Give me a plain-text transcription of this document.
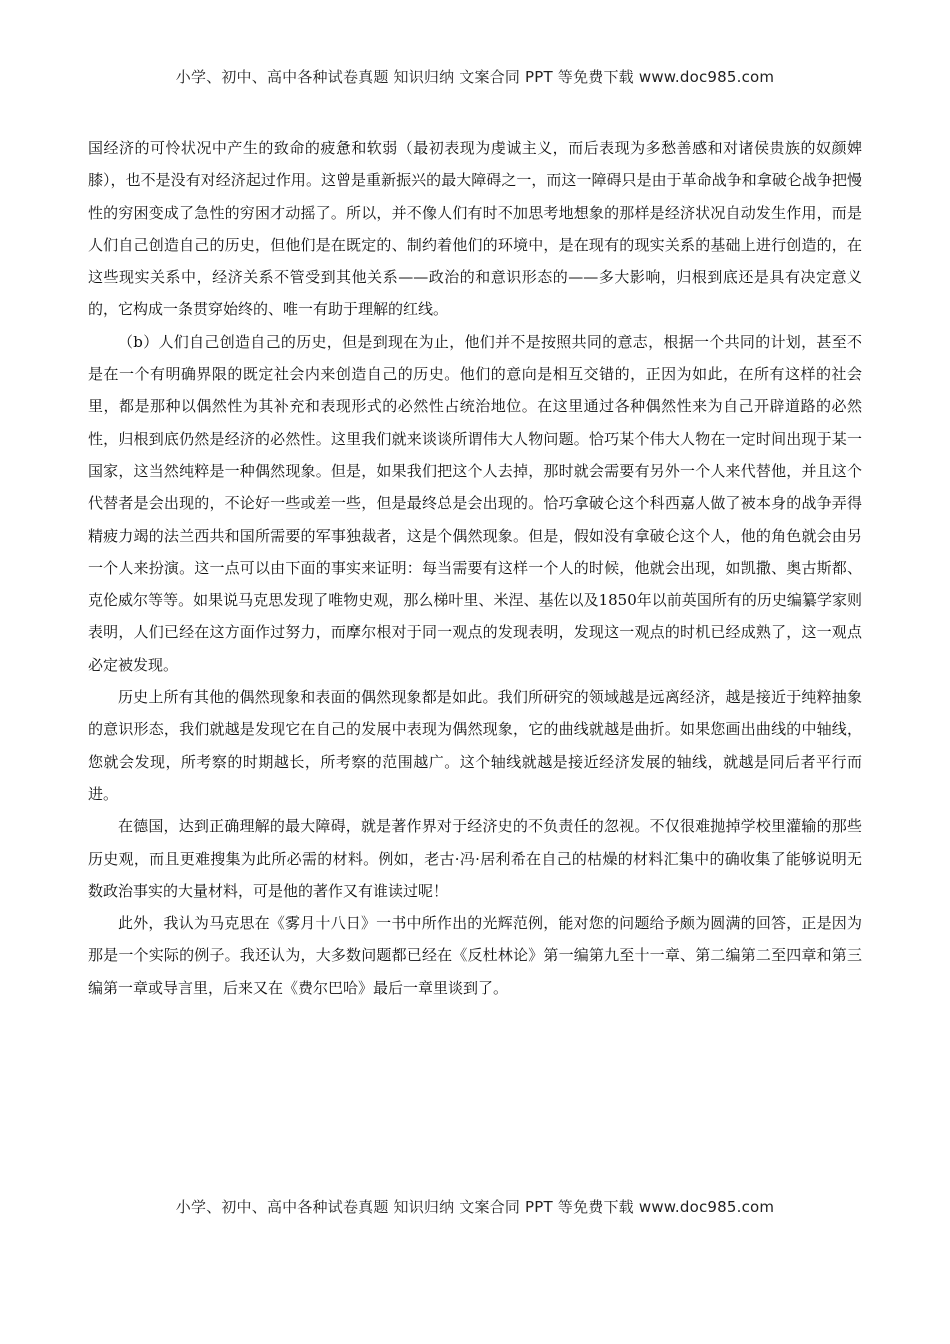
小学、初中、高中各种试卷真题 知识归纳 文案合同 PPT 等免费下载 www.doc985.com

国经济的可怜状况中产生的致命的疲惫和软弱（最初表现为虔诚主义，而后表现为多愁善感和对诸侯贵族的奴颜婢膝），也不是没有对经济起过作用。这曾是重新振兴的最大障碍之一，而这一障碍只是由于革命战争和拿破仑战争把慢性的穷困变成了急性的穷困才动摇了。所以，并不像人们有时不加思考地想象的那样是经济状况自动发生作用，而是人们自己创造自己的历史，但他们是在既定的、制约着他们的环境中，是在现有的现实关系的基础上进行创造的，在这些现实关系中，经济关系不管受到其他关系——政治的和意识形态的——多大影响，归根到底还是具有决定意义的，它构成一条贯穿始终的、唯一有助于理解的红线。

（b）人们自己创造自己的历史，但是到现在为止，他们并不是按照共同的意志，根据一个共同的计划，甚至不是在一个有明确界限的既定社会内来创造自己的历史。他们的意向是相互交错的，正因为如此，在所有这样的社会里，都是那种以偶然性为其补充和表现形式的必然性占统治地位。在这里通过各种偶然性来为自己开辟道路的必然性，归根到底仍然是经济的必然性。这里我们就来谈谈所谓伟大人物问题。恰巧某个伟大人物在一定时间出现于某一国家，这当然纯粹是一种偶然现象。但是，如果我们把这个人去掉，那时就会需要有另外一个人来代替他，并且这个代替者是会出现的，不论好一些或差一些，但是最终总是会出现的。恰巧拿破仑这个科西嘉人做了被本身的战争弄得精疲力竭的法兰西共和国所需要的军事独裁者，这是个偶然现象。但是，假如没有拿破仑这个人，他的角色就会由另一个人来扮演。这一点可以由下面的事实来证明：每当需要有这样一个人的时候，他就会出现，如凯撒、奥古斯都、克伦威尔等等。如果说马克思发现了唯物史观，那么梯叶里、米涅、基佐以及1850年以前英国所有的历史编纂学家则表明，人们已经在这方面作过努力，而摩尔根对于同一观点的发现表明，发现这一观点的时机已经成熟了，这一观点必定被发现。

历史上所有其他的偶然现象和表面的偶然现象都是如此。我们所研究的领域越是远离经济，越是接近于纯粹抽象的意识形态，我们就越是发现它在自己的发展中表现为偶然现象，它的曲线就越是曲折。如果您画出曲线的中轴线，您就会发现，所考察的时期越长，所考察的范围越广。这个轴线就越是接近经济发展的轴线，就越是同后者平行而进。

在德国，达到正确理解的最大障碍，就是著作界对于经济史的不负责任的忽视。不仅很难抛掉学校里灌输的那些历史观，而且更难搜集为此所必需的材料。例如，老古·冯·居利希在自己的枯燥的材料汇集中的确收集了能够说明无数政治事实的大量材料，可是他的著作又有谁读过呢！

此外，我认为马克思在《雾月十八日》一书中所作出的光辉范例，能对您的问题给予颇为圆满的回答，正是因为那是一个实际的例子。我还认为，大多数问题都已经在《反杜林论》第一编第九至十一章、第二编第二至四章和第三编第一章或导言里，后来又在《费尔巴哈》最后一章里谈到了。

小学、初中、高中各种试卷真题 知识归纳 文案合同 PPT 等免费下载 www.doc985.com
